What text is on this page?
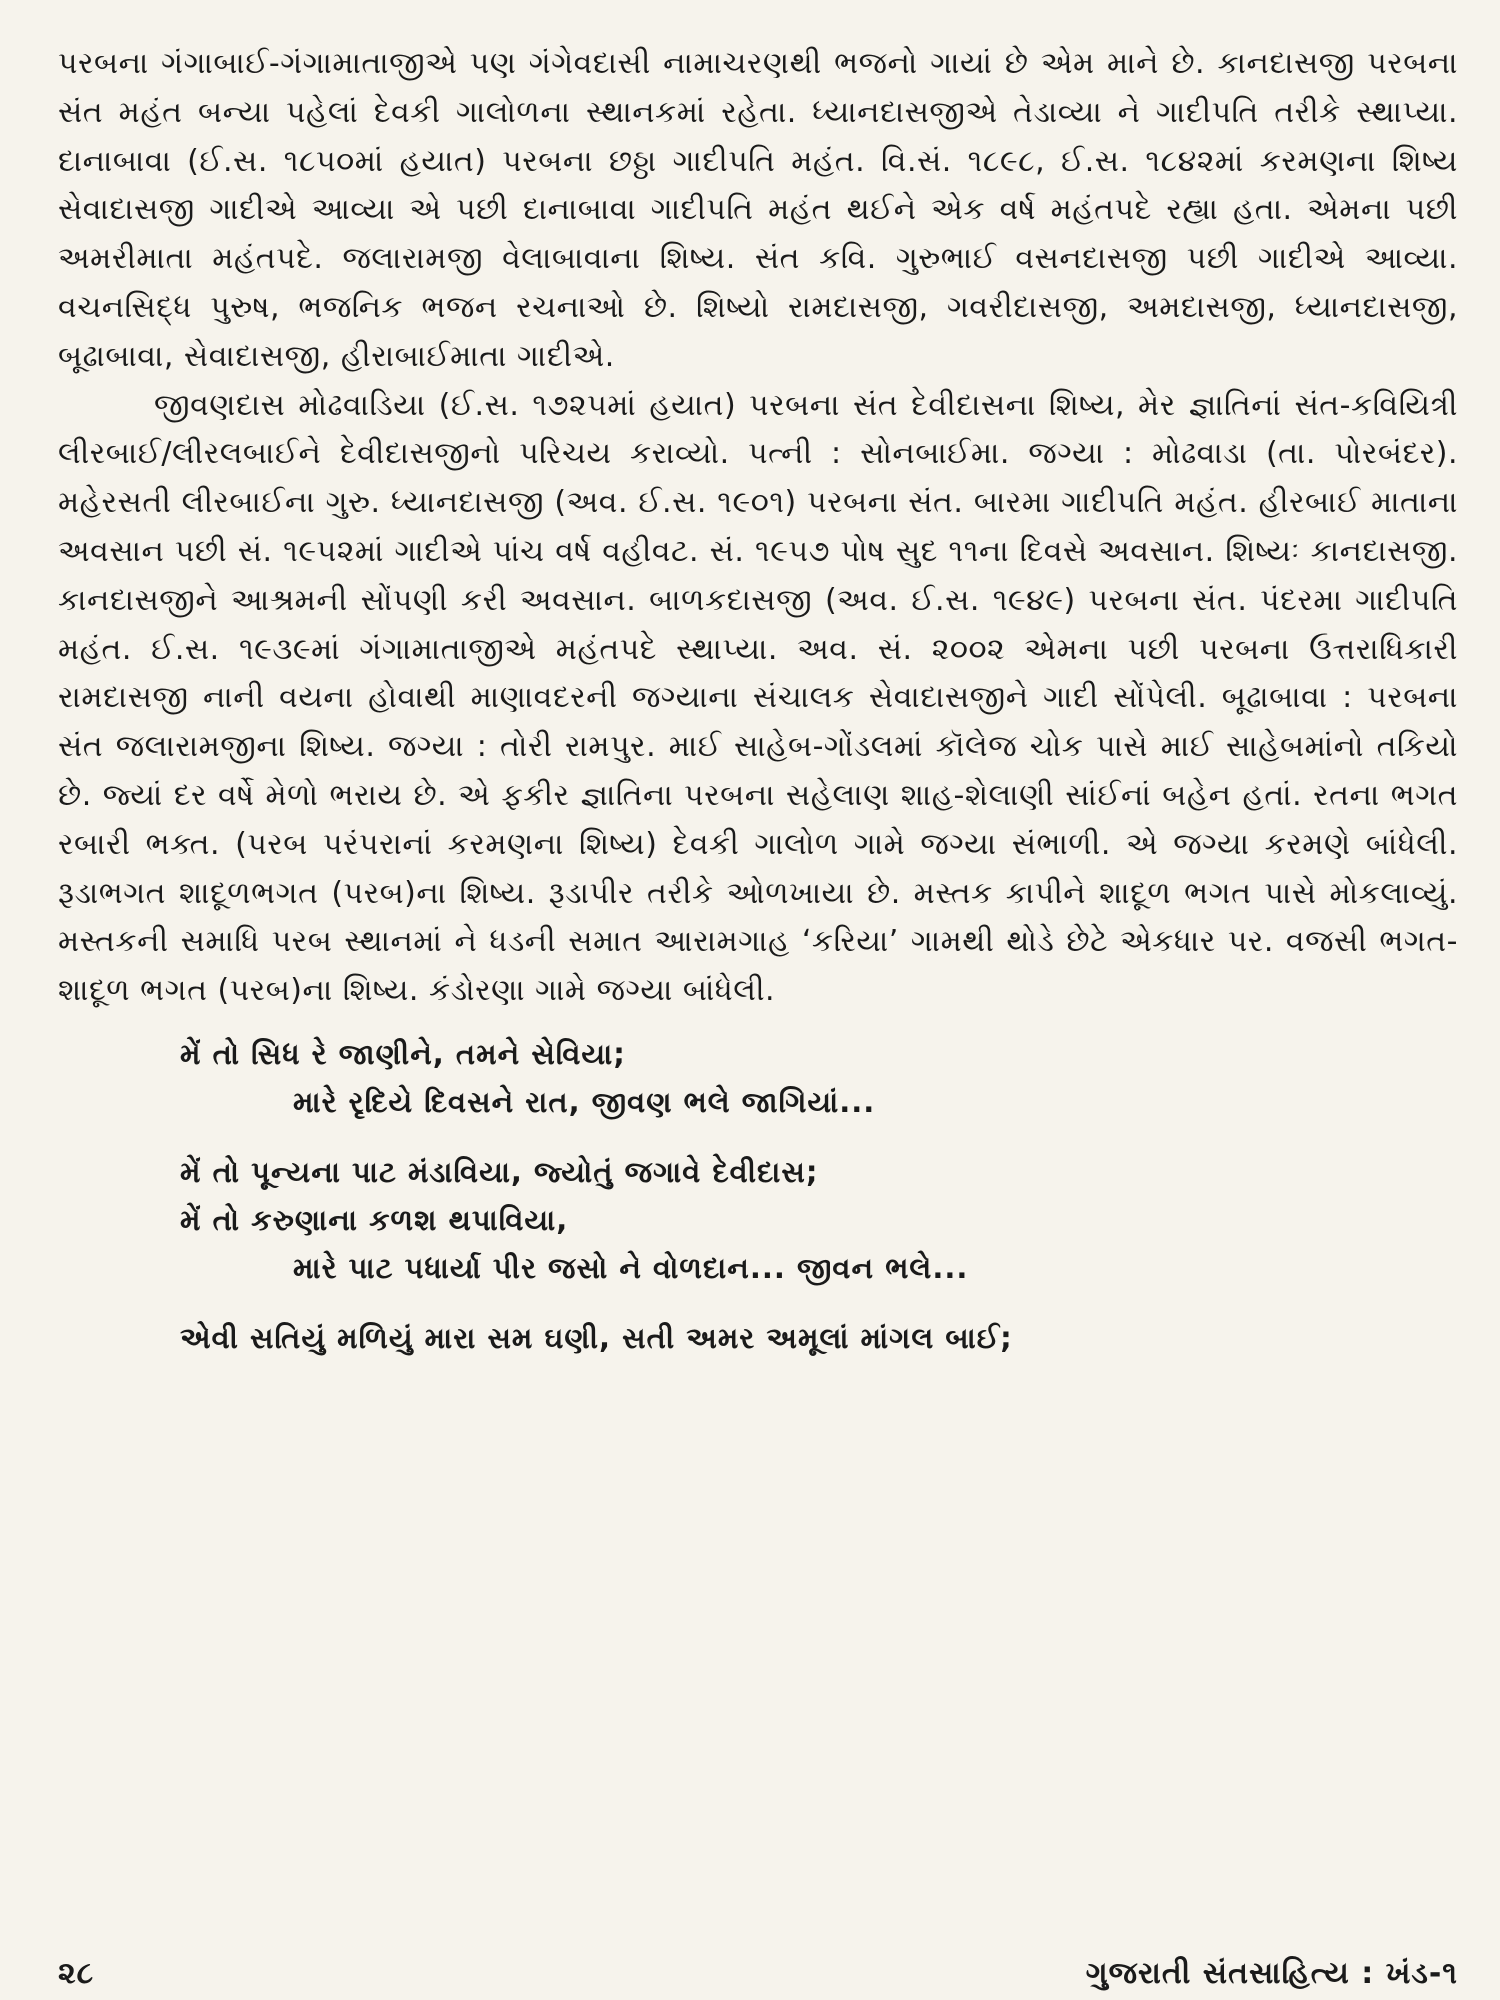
પરબના ગંગાબાઈ-ગંગામાતાજીએ પણ ગંગેવદાસી નામાચરણથી ભજનો ગાયાં છે એમ માને છે. કાનદાસજી પરબના સંત મહંત બન્યા પહેલાં દેવકી ગાલોળના સ્થાનકમાં રહેતા. ધ્યાનદાસજીએ તેડાવ્યા ને ગાદીપતિ તરીકે સ્થાપ્યા. દાનાબાવા (ઈ.સ. ૧૮૫૦માં હયાત) પરબના છઠ્ઠા ગાદીપતિ મહંત. વિ.સં. ૧૮૯૮, ઈ.સ. ૧૮૪૨માં કરમણના શિષ્ય સેવાદાસજી ગાદીએ આવ્યા એ પછી દાનાબાવા ગાદીપતિ મહંત થઈને એક વર્ષ મહંતપદે રહ્યા હતા. એમના પછી અમરીમાતા મહંતપદે. જલારામજી વેલાબાવાના શિષ્ય. સંત કવિ. ગુરુભાઈ વસનદાસજી પછી ગાદીએ આવ્યા. વચનસિદ્ધ પુરુષ, ભજનિક ભજન રચનાઓ છે. શિષ્યો રામદાસજી, ગવરીદાસજી, અમદાસજી, ધ્યાનદાસજી, બૂઢાબાવા, સેવાદાસજી, હીરાબાઈમાતા ગાદીએ.

જીવણદાસ મોઢવાડિયા (ઈ.સ. ૧૭૨૫માં હયાત) પરબના સંત દેવીદાસના શિષ્ય, મેર જ્ઞાતિનાં સંત-કવિયિત્રી લીરબાઈ/લીરલબાઈને દેવીદાસજીનો પરિચય કરાવ્યો. પત્ની : સોનબાઈમા. જગ્યા : મોઢવાડા (તા. પોરબંદર). મહેરસતી લીરબાઈના ગુરુ. ધ્યાનદાસજી (અવ. ઈ.સ. ૧૯૦૧) પરબના સંત. બારમા ગાદીપતિ મહંત. હીરબાઈ માતાના અવસાન પછી સં. ૧૯૫૨માં ગાદીએ પાંચ વર્ષ વહીવટ. સં. ૧૯૫૭ પોષ સુદ ૧૧ના દિવસે અવસાન. શિષ્યઃ કાનદાસજી. કાનદાસજીને આશ્રમની સોંપણી કરી અવસાન. બાળકદાસજી (અવ. ઈ.સ. ૧૯૪૯) પરબના સંત. પંદરમા ગાદીપતિ મહંત. ઈ.સ. ૧૯૩૯માં ગંગામાતાજીએ મહંતપદે સ્થાપ્યા. અવ. સં. ૨૦૦૨ એમના પછી પરબના ઉત્તરાધિકારી રામદાસજી નાની વયના હોવાથી માણાવદરની જગ્યાના સંચાલક સેવાદાસજીને ગાદી સોંપેલી. બૂઢાબાવા : પરબના સંત જલારામજીના શિષ્ય. જગ્યા : તોરી રામપુર. માઈ સાહેબ-ગોંડલમાં કૉલેજ ચોક પાસે માઈ સાહેબમાંનો તકિયો છે. જ્યાં દર વર્ષે મેળો ભરાય છે. એ ફકીર જ્ઞાતિના પરબના સહેલાણ શાહ-શેલાણી સાંઈનાં બહેન હતાં. રતના ભગત રબારી ભક્ત. (પરબ પરંપરાનાં કરમણના શિષ્ય) દેવકી ગાલોળ ગામે જગ્યા સંભાળી. એ જગ્યા કરમણે બાંધેલી. રૂડાભગત શાદૂળભગત (પરબ)ના શિષ્ય. રૂડાપીર તરીકે ઓળખાયા છે. મસ્તક કાપીને શાદૂળ ભગત પાસે મોકલાવ્યું. મસ્તકની સમાધિ પરબ સ્થાનમાં ને ધડની સમાત આરામગાહ ‘કરિયા’ ગામથી થોડે છેટે એકધાર પર. વજસી ભગત-શાદૂળ ભગત (પરબ)ના શિષ્ય. કંડોરણા ગામે જગ્યા બાંધેલી.

મેં તો સિધ રે જાણીને, તમને સેવિયા;
મારે રૃદિયે દિવસને રાત, જીવણ ભલે જાગિયાં...
મેં તો પૂન્યના પાટ મંડાવિયા, જ્યોતું જગાવે દેવીદાસ;
મેં તો કરુણાના કળશ થપાવિયા,
મારે પાટ પધાર્યા પીર જસો ને વોળદાન... જીવન ભલે...
એવી સતિયું મળિયું મારા સમ ઘણી, સતી અમર અમૂલાં માંગલ બાઈ;
૨૮	ગુજરાતી સંતસાહિત્ય : ખંડ-૧
